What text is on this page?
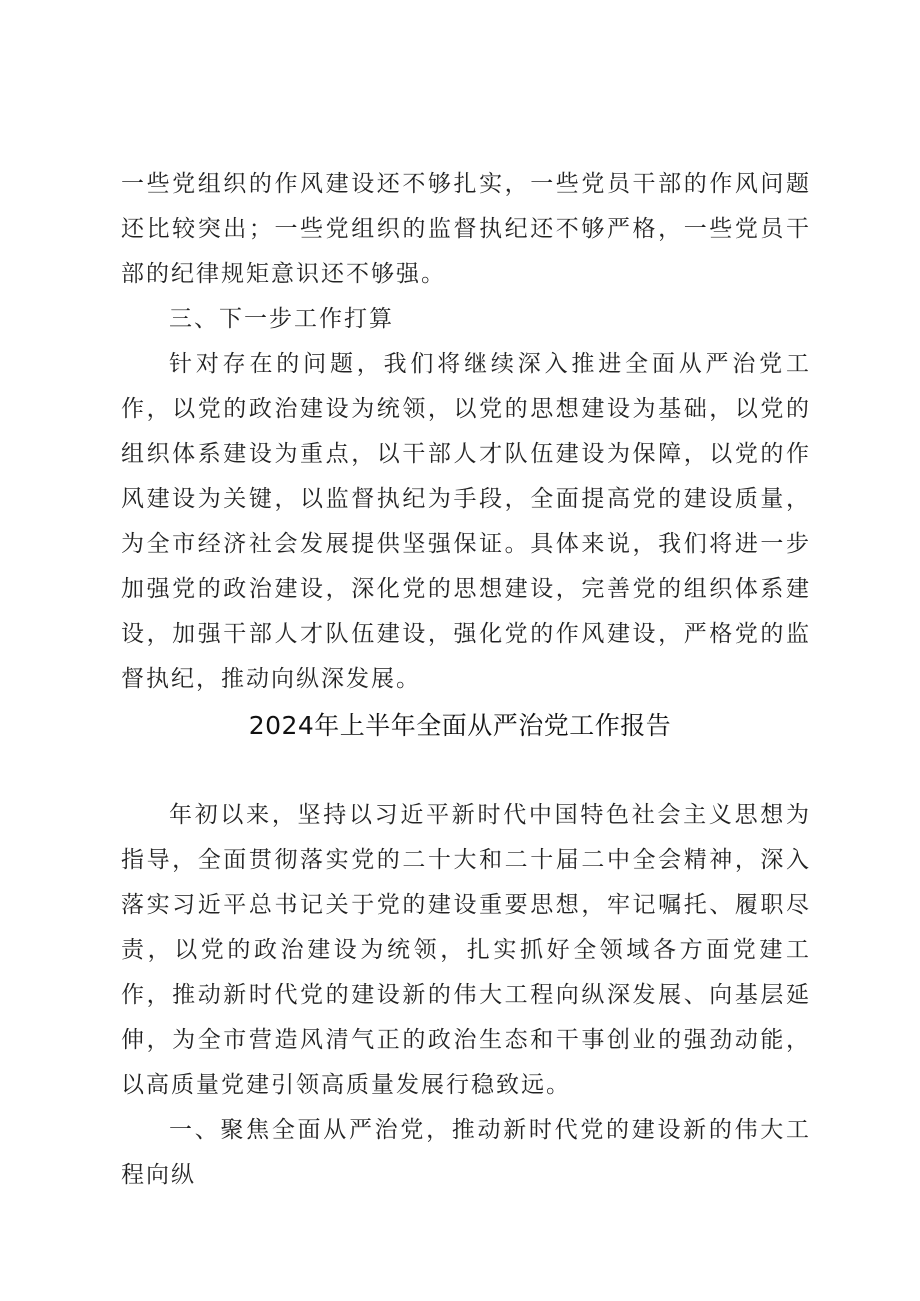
一些党组织的作风建设还不够扎实，一些党员干部的作风问题还比较突出；一些党组织的监督执纪还不够严格，一些党员干部的纪律规矩意识还不够强。

三、下一步工作打算

针对存在的问题，我们将继续深入推进全面从严治党工作，以党的政治建设为统领，以党的思想建设为基础，以党的组织体系建设为重点，以干部人才队伍建设为保障，以党的作风建设为关键，以监督执纪为手段，全面提高党的建设质量，为全市经济社会发展提供坚强保证。具体来说，我们将进一步加强党的政治建设，深化党的思想建设，完善党的组织体系建设，加强干部人才队伍建设，强化党的作风建设，严格党的监督执纪，推动向纵深发展。

2024年上半年全面从严治党工作报告

年初以来，坚持以习近平新时代中国特色社会主义思想为指导，全面贯彻落实党的二十大和二十届二中全会精神，深入落实习近平总书记关于党的建设重要思想，牢记嘱托、履职尽责，以党的政治建设为统领，扎实抓好全领域各方面党建工作，推动新时代党的建设新的伟大工程向纵深发展、向基层延伸，为全市营造风清气正的政治生态和干事创业的强劲动能，以高质量党建引领高质量发展行稳致远。

一、聚焦全面从严治党，推动新时代党的建设新的伟大工程向纵
